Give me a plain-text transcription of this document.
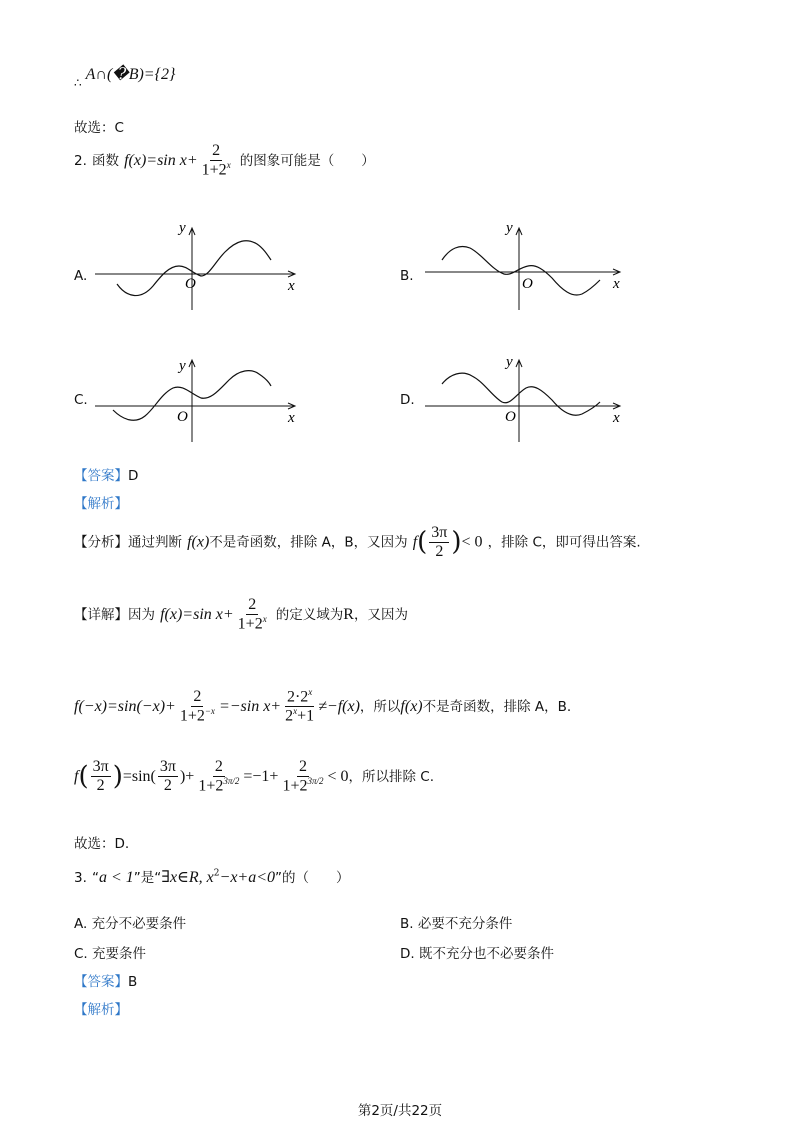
$_\therefore$ A∩(�B)={2}
故选：C
2. 函数 f(x)=sin $x+ \frac{2}{1+2^x}$ 的图象可能是（　　）
A.	B.
C.	D.
O
y
x	O
y
x
O
y
x	O
y
x
【答案】D
【解析】
【分析】通过判断 f(x)不是奇函数，排除 A，B，又因为 $f( \frac{3\pi}{2}$ )< 0 ，排除 C，即可得出答案.
【详解】因为 f(x)=sin $x+ \frac{2}{1+2^x}$ 的定义域为R，又因为
$f(-x)=\sin(-x)+ \frac{2}{1+2^{-x}} =-\sin$ $x+ \frac{2\cdot 2^x}{2^x+1} \ne-f(x)$，所以f(x)不是奇函数，排除 A，B.
$f( \frac{3\pi}{2} )=\sin( \frac{3\pi}{2}$ )+ $\frac{2}{1+2^{3\pi/2}} =-1+ \frac{2}{1+2^{3\pi/2}} < 0$，所以排除 C.
故选：D.
3. “a < 1”是“∃x∈R, $x^2-x+a<0$”的（　　）
A. 充分不必要条件	B. 必要不充分条件
C. 充要条件	D. 既不充分也不必要条件
【答案】B
【解析】
第2页/共22页
